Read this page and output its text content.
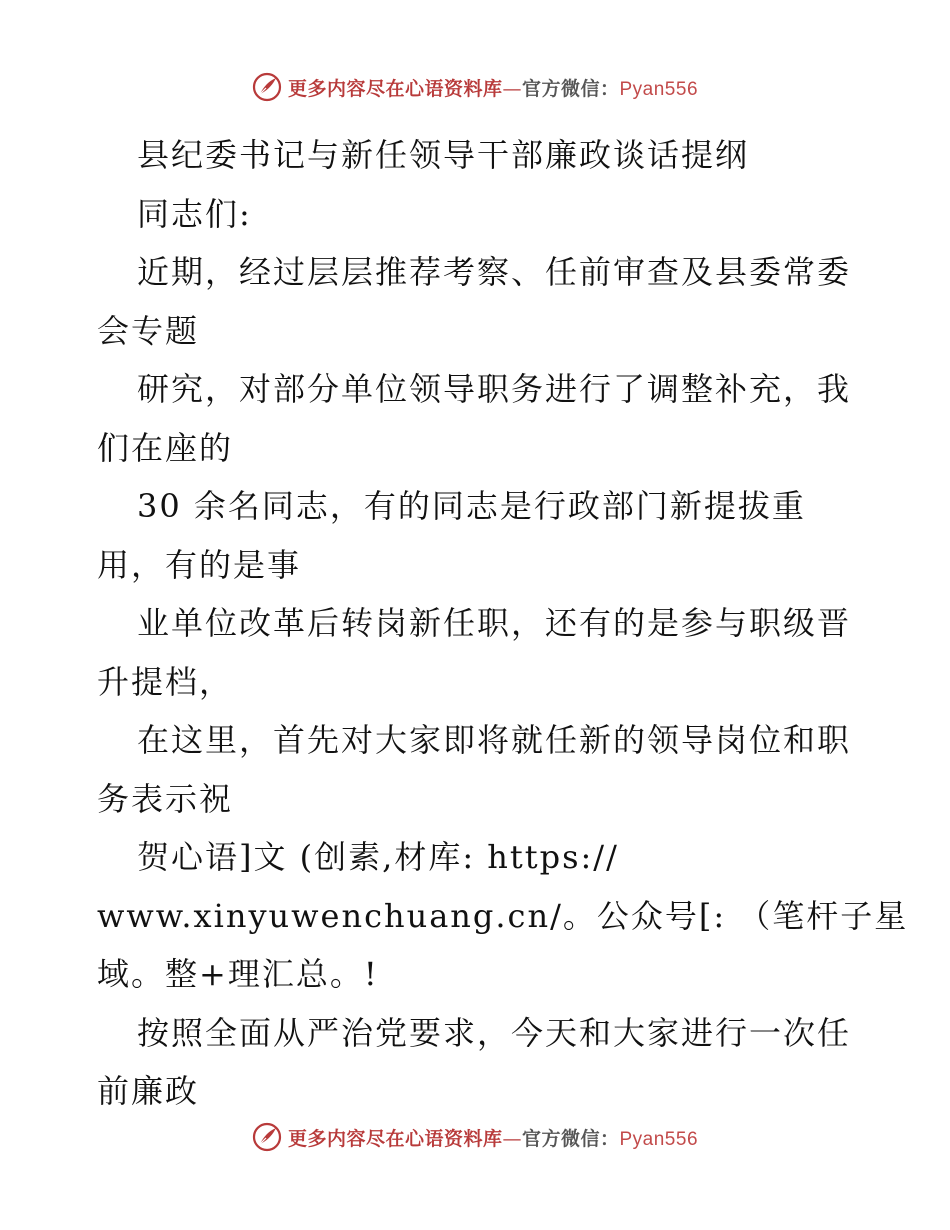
更多内容尽在心语资料库—官方微信：Pyan556
县纪委书记与新任领导干部廉政谈话提纲
同志们:
近期，经过层层推荐考察、任前审查及县委常委
会专题
研究，对部分单位领导职务进行了调整补充，我
们在座的
30 余名同志，有的同志是行政部门新提拔重
用，有的是事
业单位改革后转岗新任职，还有的是参与职级晋
升提档，
在这里，首先对大家即将就任新的领导岗位和职
务表示祝
贺心语]文 (创素,材库: https://
www.xinyuwenchuang.cn/。公众号[: （笔杆子星
域。整+理汇总。!
按照全面从严治党要求，今天和大家进行一次任
前廉政
更多内容尽在心语资料库—官方微信：Pyan556
